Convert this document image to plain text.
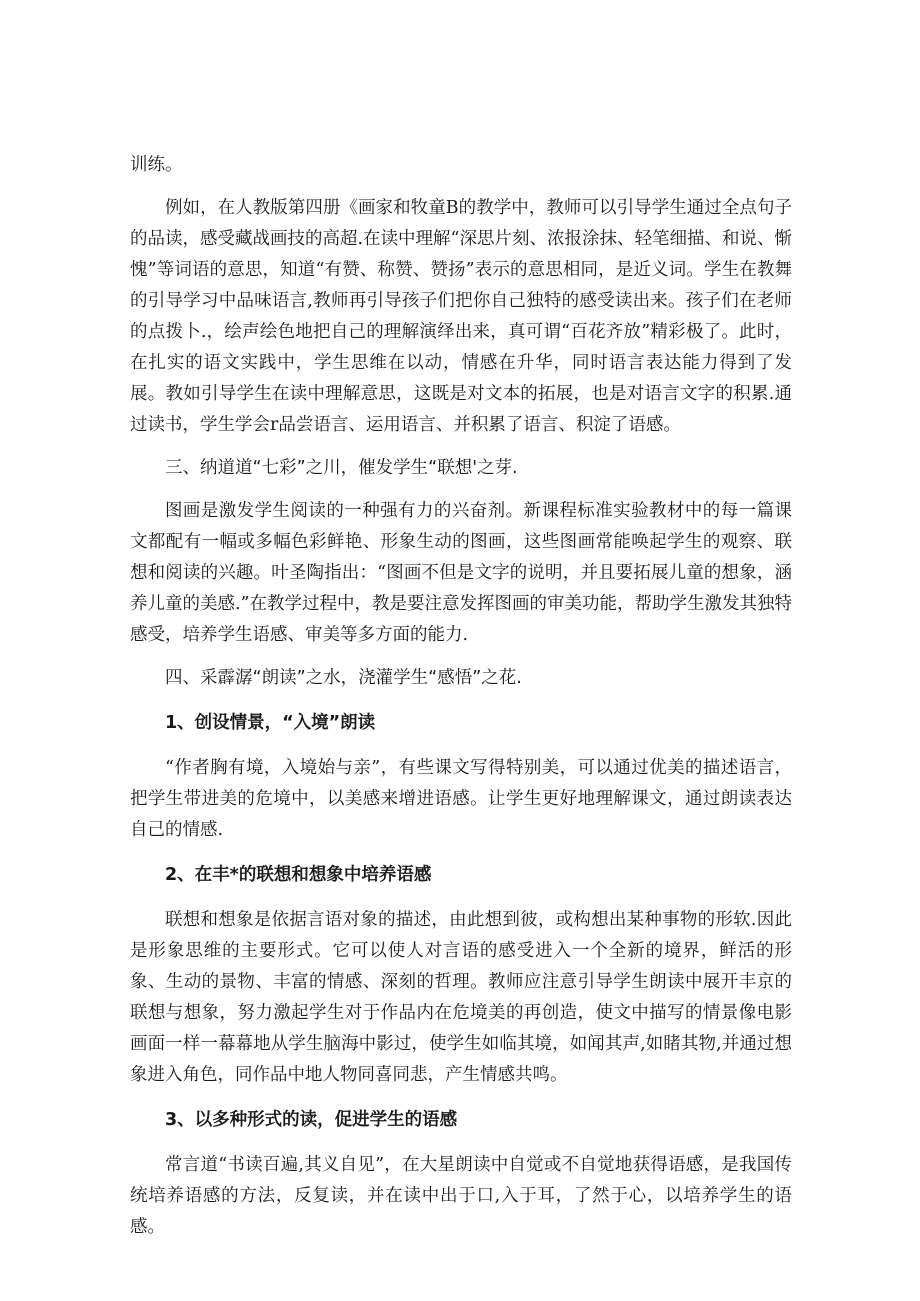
训练。

例如，在人教版第四册《画家和牧童B的教学中，教师可以引导学生通过全点句子的品读，感受藏战画技的高超.在读中理解“深思片刻、浓报涂抹、轻笔细描、和说、惭愧”等词语的意思，知道“有赞、称赞、赞扬”表示的意思相同，是近义词。学生在教舞的引导学习中品味语言,教师再引导孩子们把你自己独特的感受读出来。孩子们在老师的点拨卜.，绘声绘色地把自己的理解演绎出来，真可谓“百花齐放”精彩极了。此时，在扎实的语文实践中，学生思维在以动，情感在升华，同时语言表达能力得到了发展。教如引导学生在读中理解意思，这既是对文本的拓展，也是对语言文字的积累.通过读书，学生学会r品尝语言、运用语言、并积累了语言、积淀了语感。

三、纳道道“七彩”之川，催发学生“联想'之芽.

图画是激发学生阅读的一种强有力的兴奋剂。新课程标准实验教材中的每一篇课文都配有一幅或多幅色彩鲜艳、形象生动的图画，这些图画常能唤起学生的观察、联想和阅读的兴趣。叶圣陶指出：“图画不但是文字的说明，并且要拓展儿童的想象，涵养儿童的美感.”在教学过程中，教是要注意发挥图画的审美功能，帮助学生激发其独特感受，培养学生语感、审美等多方面的能力.

四、采霹潺“朗读”之水，浇灌学生“感悟”之花.

1、创设情景，“入境”朗读

“作者胸有境，入境始与亲”，有些课文写得特别美，可以通过优美的描述语言，把学生带进美的危境中，以美感来增进语感。让学生更好地理解课文，通过朗读表达自己的情感.

2、在丰*的联想和想象中培养语感

联想和想象是依据言语对象的描述，由此想到彼，或构想出某种事物的形软.因此是形象思维的主要形式。它可以使人对言语的感受进入一个全新的境界，鲜活的形象、生动的景物、丰富的情感、深刻的哲理。教师应注意引导学生朗读中展开丰京的联想与想象，努力激起学生对于作品内在危境美的再创造，使文中描写的情景像电影画面一样一幕幕地从学生脑海中影过，使学生如临其境，如闻其声,如睹其物,并通过想象进入角色，同作品中地人物同喜同悲，产生情感共鸣。

3、以多种形式的读，促进学生的语感

常言道“书读百遍,其义自见”，在大星朗读中自觉或不自觉地获得语感，是我国传统培养语感的方法，反复读，并在读中出于口,入于耳，了然于心，以培养学生的语感。
